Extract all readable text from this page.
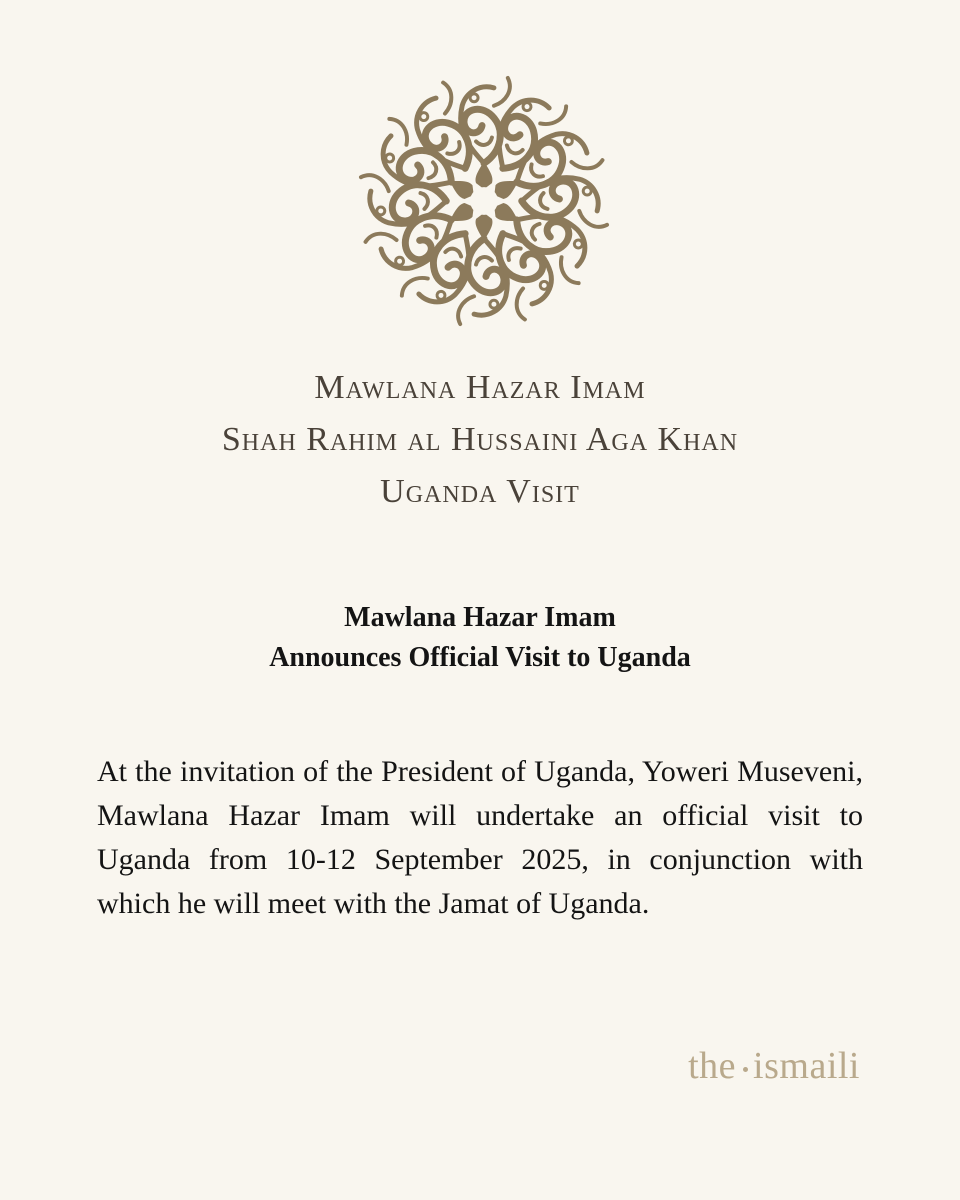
Mawlana Hazar Imam
Shah Rahim al Hussaini Aga Khan
Uganda Visit
Mawlana Hazar Imam
Announces Official Visit to Uganda

At the invitation of the President of Uganda, Yoweri Museveni, Mawlana Hazar Imam will undertake an official visit to Uganda from 10-12 September 2025, in conjunction with which he will meet with the Jamat of Uganda.

the ismaili
